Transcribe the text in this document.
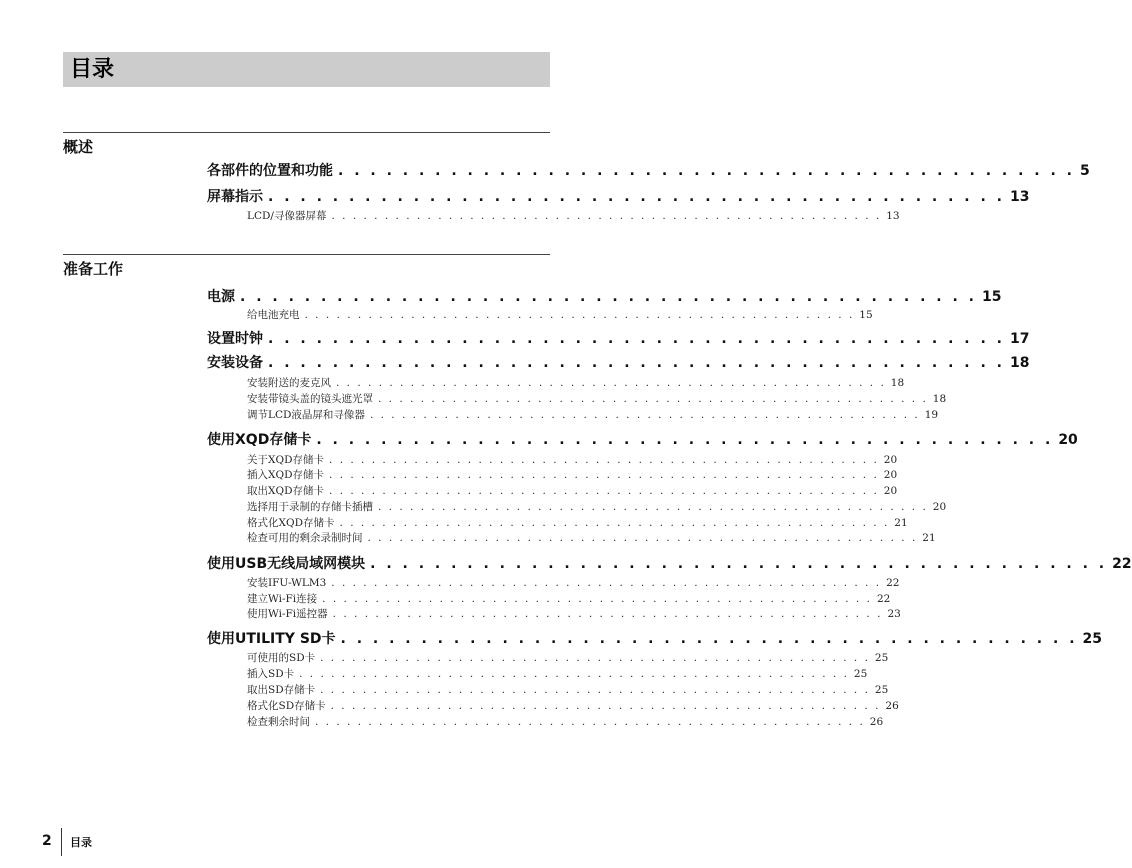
目录
概述
各部件的位置和功能 . . . . . . . . . . . . . . . . . . . . . . . . . . . . . . . . . . . . . . . . . . . . . . 5
屏幕指示 . . . . . . . . . . . . . . . . . . . . . . . . . . . . . . . . . . . . . . . . . . . . . . 13
LCD/寻像器屏幕 . . . . . . . . . . . . . . . . . . . . . . . . . . . . . . . . . . . . . . . . . . . . . . . . . . . . 13
准备工作
电源 . . . . . . . . . . . . . . . . . . . . . . . . . . . . . . . . . . . . . . . . . . . . . . 15
给电池充电 . . . . . . . . . . . . . . . . . . . . . . . . . . . . . . . . . . . . . . . . . . . . . . . . . . . . 15
设置时钟 . . . . . . . . . . . . . . . . . . . . . . . . . . . . . . . . . . . . . . . . . . . . . . 17
安装设备 . . . . . . . . . . . . . . . . . . . . . . . . . . . . . . . . . . . . . . . . . . . . . . 18
安装附送的麦克风 . . . . . . . . . . . . . . . . . . . . . . . . . . . . . . . . . . . . . . . . . . . . . . . . . . . . 18
安装带镜头盖的镜头遮光罩 . . . . . . . . . . . . . . . . . . . . . . . . . . . . . . . . . . . . . . . . . . . . . . . . . . . . 18
调节LCD液晶屏和寻像器 . . . . . . . . . . . . . . . . . . . . . . . . . . . . . . . . . . . . . . . . . . . . . . . . . . . . 19
使用XQD存储卡 . . . . . . . . . . . . . . . . . . . . . . . . . . . . . . . . . . . . . . . . . . . . . . 20
关于XQD存储卡 . . . . . . . . . . . . . . . . . . . . . . . . . . . . . . . . . . . . . . . . . . . . . . . . . . . . 20
插入XQD存储卡 . . . . . . . . . . . . . . . . . . . . . . . . . . . . . . . . . . . . . . . . . . . . . . . . . . . . 20
取出XQD存储卡 . . . . . . . . . . . . . . . . . . . . . . . . . . . . . . . . . . . . . . . . . . . . . . . . . . . . 20
选择用于录制的存储卡插槽 . . . . . . . . . . . . . . . . . . . . . . . . . . . . . . . . . . . . . . . . . . . . . . . . . . . . 20
格式化XQD存储卡 . . . . . . . . . . . . . . . . . . . . . . . . . . . . . . . . . . . . . . . . . . . . . . . . . . . . 21
检查可用的剩余录制时间 . . . . . . . . . . . . . . . . . . . . . . . . . . . . . . . . . . . . . . . . . . . . . . . . . . . . 21
使用USB无线局域网模块 . . . . . . . . . . . . . . . . . . . . . . . . . . . . . . . . . . . . . . . . . . . . . . 22
安装IFU-WLM3 . . . . . . . . . . . . . . . . . . . . . . . . . . . . . . . . . . . . . . . . . . . . . . . . . . . . 22
建立Wi-Fi连接 . . . . . . . . . . . . . . . . . . . . . . . . . . . . . . . . . . . . . . . . . . . . . . . . . . . . 22
使用Wi-Fi遥控器 . . . . . . . . . . . . . . . . . . . . . . . . . . . . . . . . . . . . . . . . . . . . . . . . . . . . 23
使用UTILITY SD卡 . . . . . . . . . . . . . . . . . . . . . . . . . . . . . . . . . . . . . . . . . . . . . . 25
可使用的SD卡 . . . . . . . . . . . . . . . . . . . . . . . . . . . . . . . . . . . . . . . . . . . . . . . . . . . . 25
插入SD卡 . . . . . . . . . . . . . . . . . . . . . . . . . . . . . . . . . . . . . . . . . . . . . . . . . . . . 25
取出SD存储卡 . . . . . . . . . . . . . . . . . . . . . . . . . . . . . . . . . . . . . . . . . . . . . . . . . . . . 25
格式化SD存储卡 . . . . . . . . . . . . . . . . . . . . . . . . . . . . . . . . . . . . . . . . . . . . . . . . . . . . 26
检查剩余时间 . . . . . . . . . . . . . . . . . . . . . . . . . . . . . . . . . . . . . . . . . . . . . . . . . . . . 26
2 目录
